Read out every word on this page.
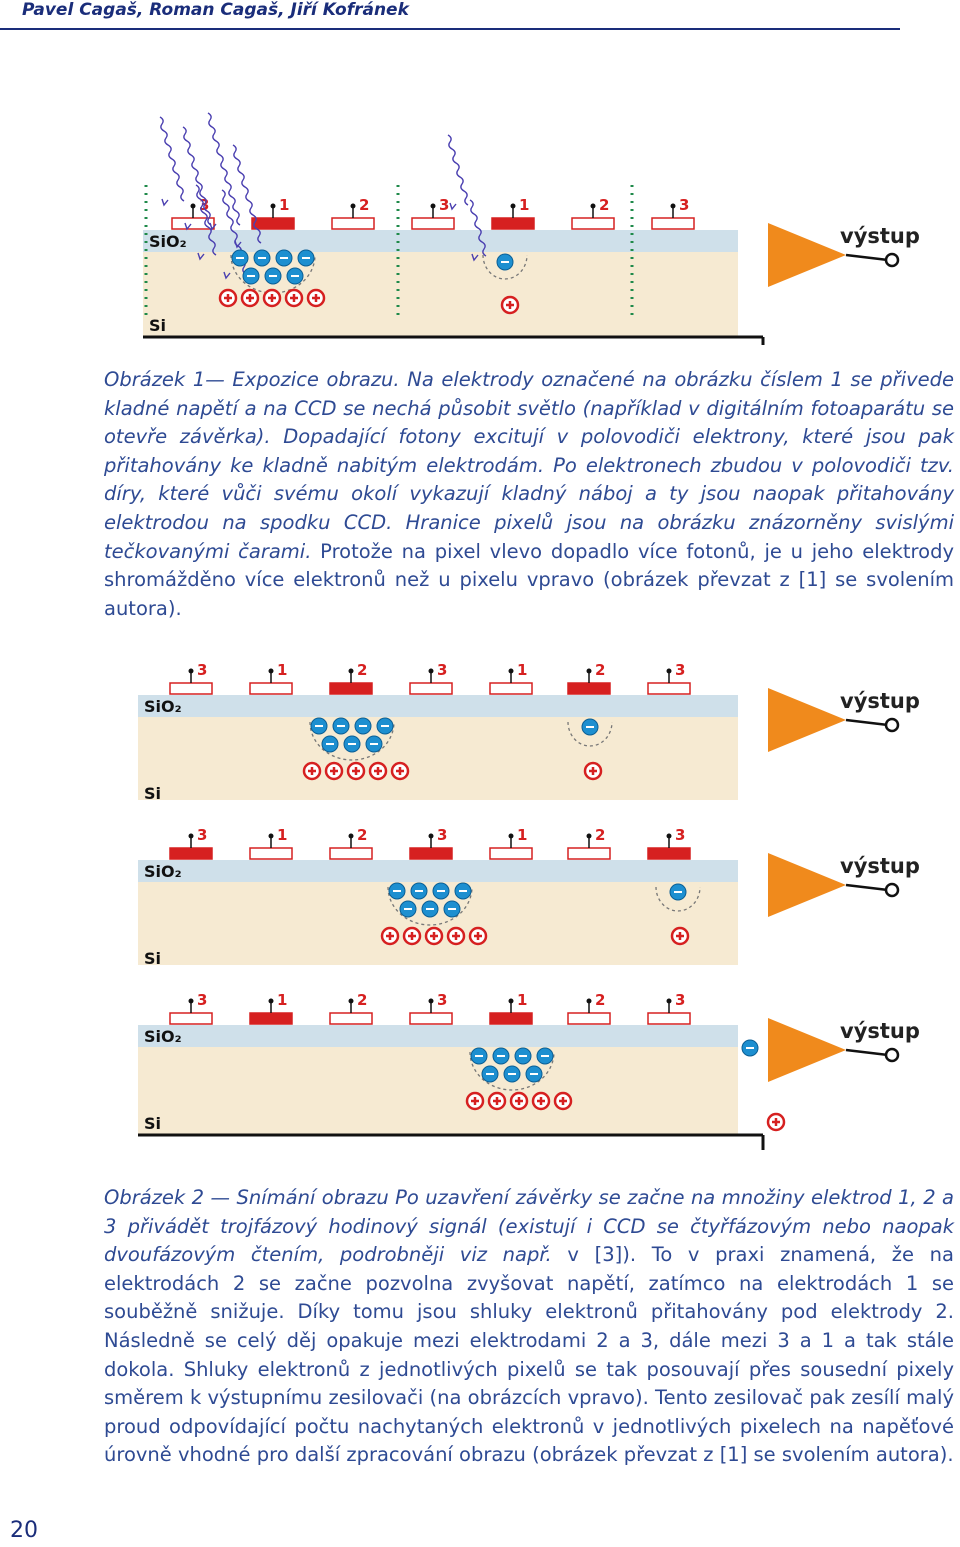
Pavel Cagaš, Roman Cagaš, Jiří Kofránek
SiO₂
Si
3	1	2	3	1	2	3
výstup
Obrázek 1— Expozice obrazu. Na elektrody označené na obrázku číslem 1 se přivede kladné napětí a na CCD se nechá působit světlo (například v digitálním fotoaparátu se otevře závěrka). Dopadající fotony excitují v polovodiči elektrony, které jsou pak přitahovány ke kladně nabitým elektrodám. Po elektronech zbudou v polovodiči tzv. díry, které vůči svému okolí vykazují kladný náboj a ty jsou naopak přitahovány elektrodou na spodku CCD. Hranice pixelů jsou na obrázku znázorněny svislými tečkovanými čarami. Protože na pixel vlevo dopadlo více fotonů, je u jeho elektrody shromážděno více elektronů než u pixelu vpravo (obrázek převzat z [1] se svolením autora).
SiO₂
Si
3	1	2	3	1	2	3
výstup
SiO₂
Si
3	1	2	3	1	2	3
výstup
SiO₂
Si
3	1	2	3	1	2	3
výstup
Obrázek 2 — Snímání obrazu Po uzavření závěrky se začne na množiny elektrod 1, 2 a 3 přivádět trojfázový hodinový signál (existují i CCD se čtyřfázovým nebo naopak dvoufázovým čtením, podrobněji viz např. v [3]). To v praxi znamená, že na elektrodách 2 se začne pozvolna zvyšovat napětí, zatímco na elektrodách 1 se souběžně snižuje. Díky tomu jsou shluky elektronů přitahovány pod elektrody 2. Následně se celý děj opakuje mezi elektrodami 2 a 3, dále mezi 3 a 1 a tak stále dokola. Shluky elektronů z jednotlivých pixelů se tak posouvají přes sousední pixely směrem k výstupnímu zesilovači (na obrázcích vpravo). Tento zesilovač pak zesílí malý proud odpovídající počtu nachytaných elektronů v jednotlivých pixelech na napěťové úrovně vhodné pro další zpracování obrazu (obrázek převzat z [1] se svolením autora).
20
